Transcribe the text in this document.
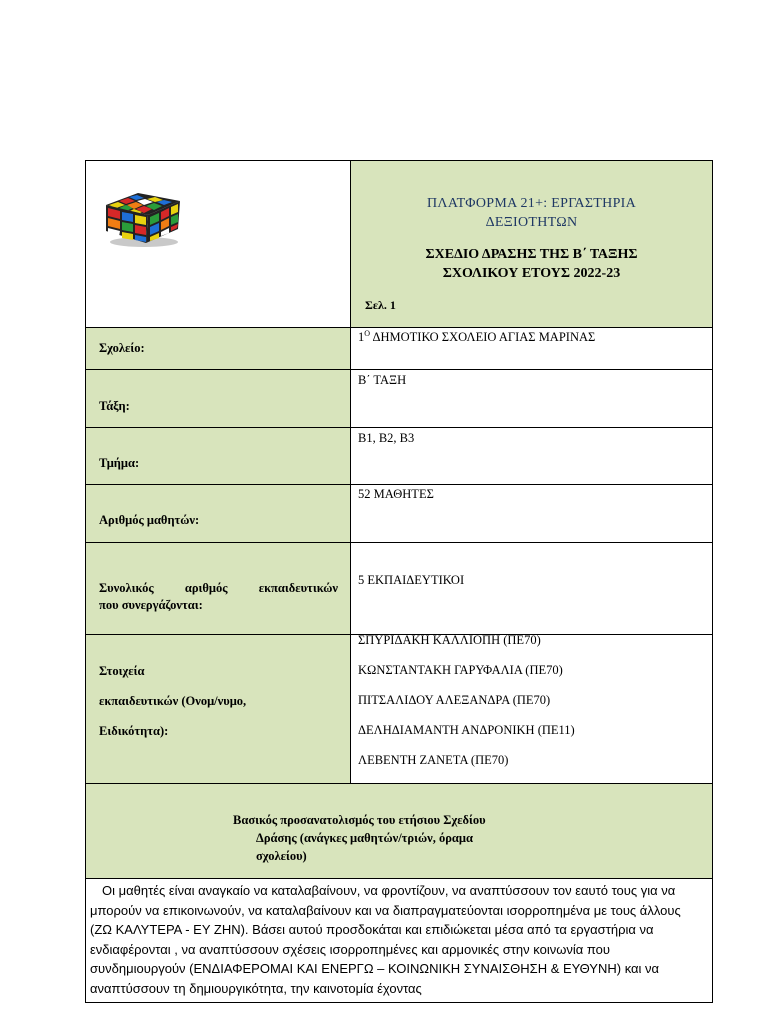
ΠΛΑΤΦΟΡΜΑ 21+: ΕΡΓΑΣΤΗΡΙΑ
ΔΕΞΙΟΤΗΤΩΝ
ΣΧΕΔΙΟ ΔΡΑΣΗΣ ΤΗΣ Β΄ ΤΑΞΗΣ
ΣΧΟΛΙΚΟΥ ΕΤΟΥΣ 2022-23
Σελ. 1
Σχολείο:
$1^O$ ΔΗΜΟΤΙΚΟ ΣΧΟΛΕΙΟ ΑΓΙΑΣ ΜΑΡΙΝΑΣ
Τάξη:
Β΄ ΤΑΞΗ
Τμήμα:
Β1, Β2, Β3
Αριθμός μαθητών:
52 ΜΑΘΗΤΕΣ
Συνολικός αριθμός εκπαιδευτικών
που συνεργάζονται:
5 ΕΚΠΑΙΔΕΥΤΙΚΟΙ
Στοιχεία
εκπαιδευτικών (Ονομ/νυμο,
Ειδικότητα):
ΣΠΥΡΙΔΑΚΗ ΚΑΛΛΙΟΠΗ (ΠΕ70)
ΚΩΝΣΤΑΝΤΑΚΗ ΓΑΡΥΦΑΛΙΑ (ΠΕ70)
ΠΙΤΣΑΛΙΔΟΥ ΑΛΕΞΑΝΔΡΑ (ΠΕ70)
ΔΕΛΗΔΙΑΜΑΝΤΗ ΑΝΔΡΟΝΙΚΗ (ΠΕ11)
ΛΕΒΕΝΤΗ ΖΑΝΕΤΑ (ΠΕ70)
Βασικός προσανατολισμός του ετήσιου Σχεδίου
Δράσης (ανάγκες μαθητών/τριών, όραμα
σχολείου)

Οι μαθητές είναι αναγκαίο να καταλαβαίνουν, να φροντίζουν, να αναπτύσσουν τον εαυτό τους για να μπορούν να επικοινωνούν, να καταλαβαίνουν και να διαπραγματεύονται ισορροπημένα με τους άλλους (ΖΩ ΚΑΛΥΤΕΡΑ - ΕΥ ΖΗΝ). Βάσει αυτού προσδοκάται και επιδιώκεται μέσα από τα εργαστήρια να ενδιαφέρονται , να αναπτύσσουν σχέσεις ισορροπημένες και αρμονικές στην κοινωνία που συνδημιουργούν (ΕΝΔΙΑΦΕΡΟΜΑΙ ΚΑΙ ΕΝΕΡΓΩ – ΚΟΙΝΩΝΙΚΗ ΣΥΝΑΙΣΘΗΣΗ & ΕΥΘΥΝΗ) και να αναπτύσσουν τη δημιουργικότητα, την καινοτομία έχοντας
